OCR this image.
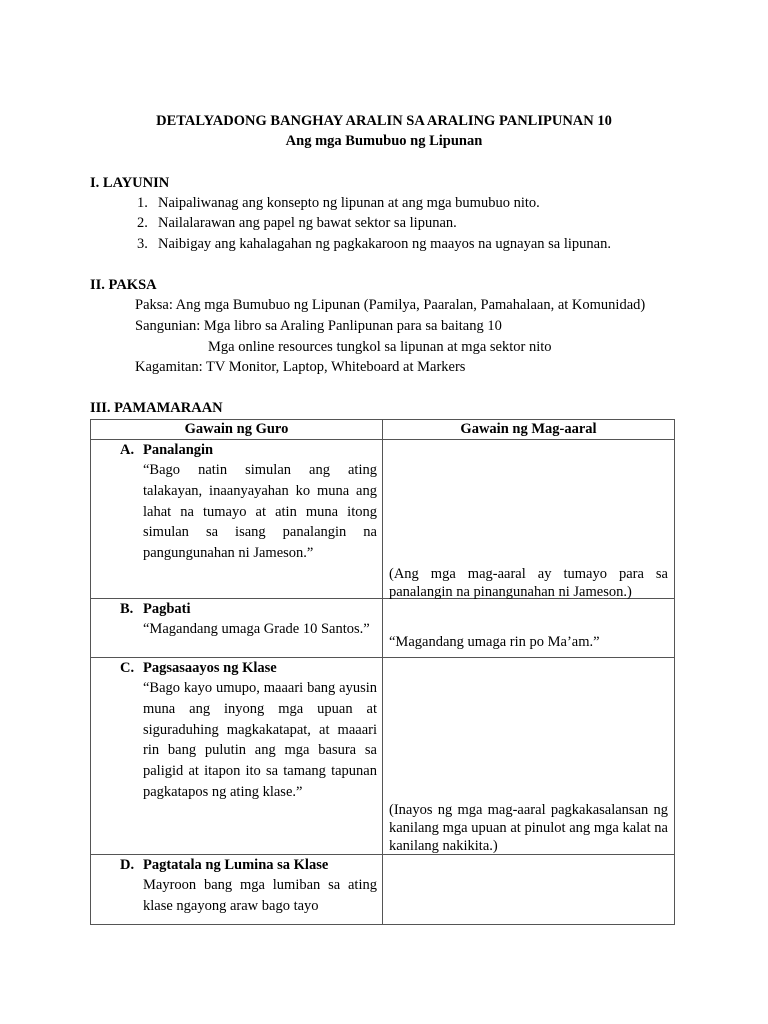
DETALYADONG BANGHAY ARALIN SA ARALING PANLIPUNAN 10
Ang mga Bumubuo ng Lipunan
I. LAYUNIN
1. Naipaliwanag ang konsepto ng lipunan at ang mga bumubuo nito.
2. Nailalarawan ang papel ng bawat sektor sa lipunan.
3. Naibigay ang kahalagahan ng pagkakaroon ng maayos na ugnayan sa lipunan.
II. PAKSA
Paksa: Ang mga Bumubuo ng Lipunan (Pamilya, Paaralan, Pamahalaan, at Komunidad)
Sangunian: Mga libro sa Araling Panlipunan para sa baitang 10
Mga online resources tungkol sa lipunan at mga sektor nito
Kagamitan: TV Monitor, Laptop, Whiteboard at Markers
III. PAMAMARAAN
Gawain ng Guro	Gawain ng Mag-aaral

A. Panalangin
“Bago natin simulan ang ating talakayan, inaanyayahan ko muna ang lahat na tumayo at atin muna itong simulan sa isang panalangin na pangungunahan ni Jameson.”	(Ang mga mag-aaral ay tumayo para sa panalangin na pinangunahan ni Jameson.)

B. Pagbati
“Magandang umaga Grade 10 Santos.”	“Magandang umaga rin po Ma’am.”

C. Pagsasaayos ng Klase
“Bago kayo umupo, maaari bang ayusin muna ang inyong mga upuan at siguraduhing magkakatapat, at maaari rin bang pulutin ang mga basura sa paligid at itapon ito sa tamang tapunan pagkatapos ng ating klase.”	(Inayos ng mga mag-aaral pagkakasalansan ng kanilang mga upuan at pinulot ang mga kalat na kanilang nakikita.)

D. Pagtatala ng Lumina sa Klase
Mayroon bang mga lumiban sa ating klase ngayong araw bago tayo	
